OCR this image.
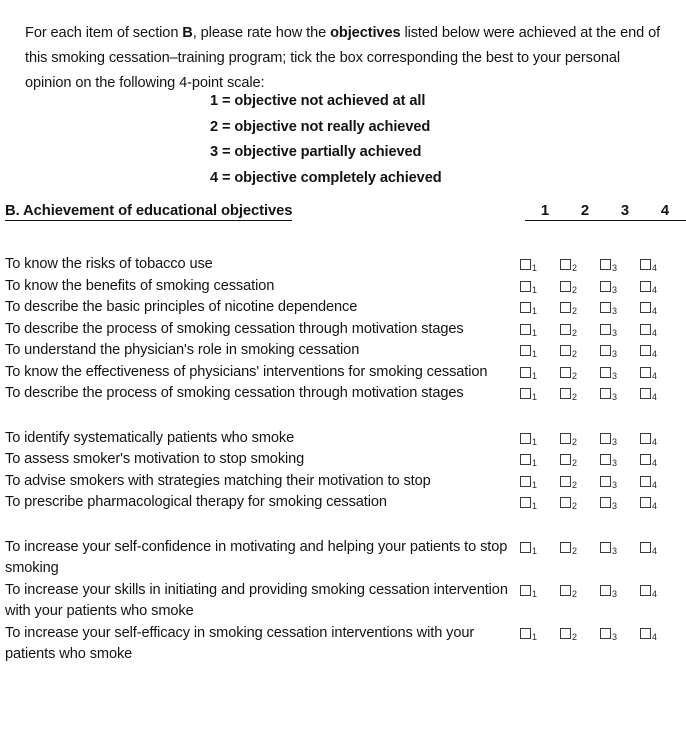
For each item of section B, please rate how the objectives listed below were achieved at the end of this smoking cessation–training program; tick the box corresponding the best to your personal opinion on the following 4-point scale:

1 = objective not achieved at all
2 = objective not really achieved
3 = objective partially achieved
4 = objective completely achieved
B. Achievement of educational objectives	1	2	3	4
To know the risks of tobacco use	1	2	3	4
To know the benefits of smoking cessation	1	2	3	4
To describe the basic principles of nicotine dependence	1	2	3	4
To describe the process of smoking cessation through motivation stages	1	2	3	4
To understand the physician's role in smoking cessation	1	2	3	4
To know the effectiveness of physicians' interventions for smoking cessation	1	2	3	4
To describe the process of smoking cessation through motivation stages	1	2	3	4
To identify systematically patients who smoke	1	2	3	4
To assess smoker's motivation to stop smoking	1	2	3	4
To advise smokers with strategies matching their motivation to stop	1	2	3	4
To prescribe pharmacological therapy for smoking cessation	1	2	3	4
To increase your self-confidence in motivating and helping your patients to stop smoking
1	2	3	4
To increase your skills in initiating and providing smoking cessation intervention with your patients who smoke
1	2	3	4
To increase your self-efficacy in smoking cessation interventions with your patients who smoke
1	2	3	4
